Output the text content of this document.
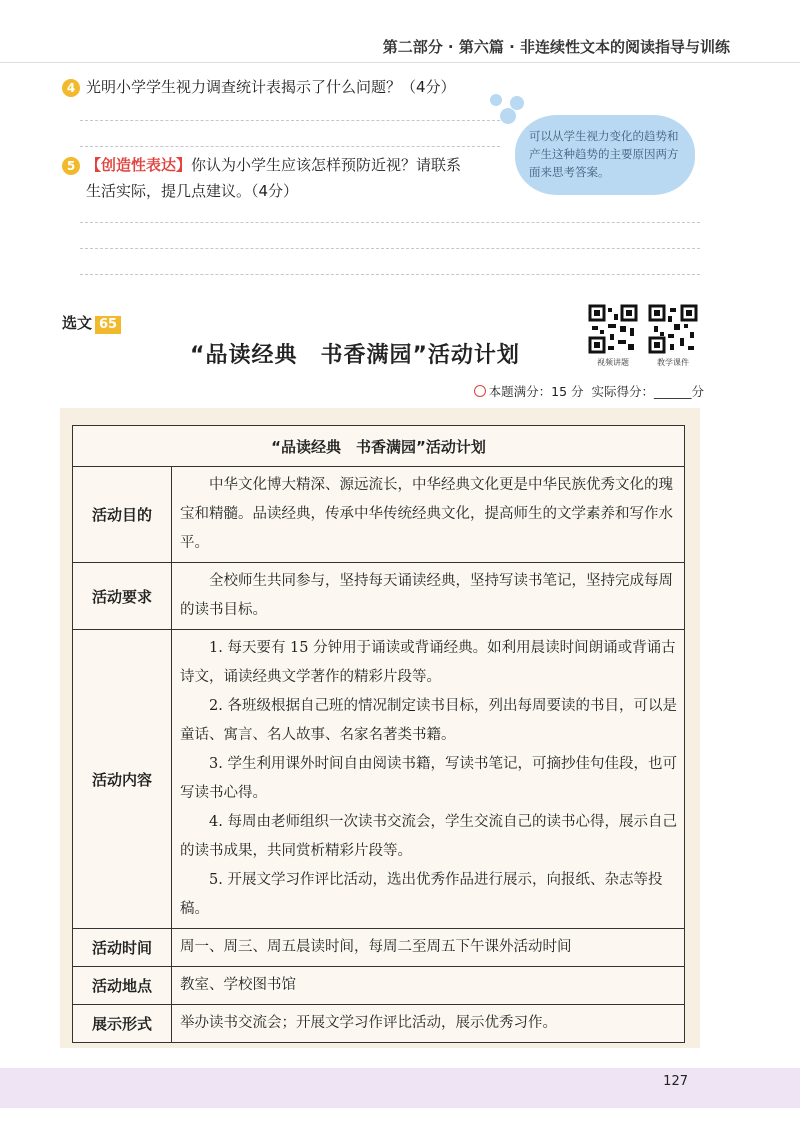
第二部分 · 第六篇 · 非连续性文本的阅读指导与训练
4 光明小学学生视力调查统计表揭示了什么问题？（4分）
可以从学生视力变化的趋势和产生这种趋势的主要原因两方面来思考答案。
5 【创造性表达】你认为小学生应该怎样预防近视？请联系
生活实际，提几点建议。（4分）
选文 65
“品读经典　书香满园”活动计划	视频讲题	教学课件
本题满分：15 分 实际得分：______分
“品读经典　书香满园”活动计划	
活动目的	中华文化博大精深、源远流长，中华经典文化更是中华民族优秀文化的瑰宝和精髓。品读经典，传承中华传统经典文化，提高师生的文学素养和写作水平。

活动要求	全校师生共同参与，坚持每天诵读经典，坚持写读书笔记，坚持完成每周的读书目标。

活动内容	1. 每天要有 15 分钟用于诵读或背诵经典。如利用晨读时间朗诵或背诵古诗文，诵读经典文学著作的精彩片段等。

2. 各班级根据自己班的情况制定读书目标，列出每周要读的书目，可以是童话、寓言、名人故事、名家名著类书籍。

3. 学生利用课外时间自由阅读书籍，写读书笔记，可摘抄佳句佳段，也可写读书心得。

4. 每周由老师组织一次读书交流会，学生交流自己的读书心得，展示自己的读书成果，共同赏析精彩片段等。

5. 开展文学习作评比活动，选出优秀作品进行展示，向报纸、杂志等投稿。

活动时间	周一、周三、周五晨读时间，每周二至周五下午课外活动时间

活动地点	教室、学校图书馆

展示形式	举办读书交流会；开展文学习作评比活动，展示优秀习作。

127
